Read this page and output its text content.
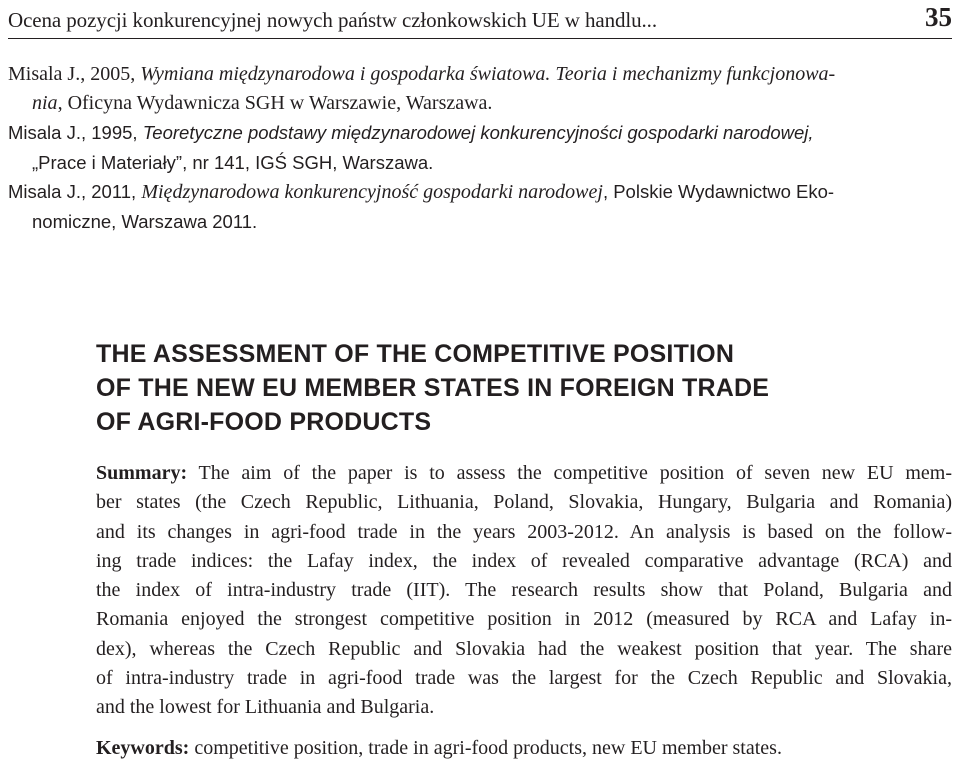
Ocena pozycji konkurencyjnej nowych państw członkowskich UE w handlu...	35
Misala J., 2005, Wymiana międzynarodowa i gospodarka światowa. Teoria i mechanizmy funkcjonowa-
nia, Oficyna Wydawnicza SGH w Warszawie, Warszawa.
Misala J., 1995, Teoretyczne podstawy międzynarodowej konkurencyjności gospodarki narodowej,
„Prace i Materiały”, nr 141, IGŚ SGH, Warszawa.
Misala J., 2011, Międzynarodowa konkurencyjność gospodarki narodowej, Polskie Wydawnictwo Eko-
nomiczne, Warszawa 2011.
THE ASSESSMENT OF THE COMPETITIVE POSITION
OF THE NEW EU MEMBER STATES IN FOREIGN TRADE
OF AGRI-FOOD PRODUCTS
Summary: The aim of the paper is to assess the competitive position of seven new EU mem-
ber states (the Czech Republic, Lithuania, Poland, Slovakia, Hungary, Bulgaria and Romania)
and its changes in agri-food trade in the years 2003-2012. An analysis is based on the follow-
ing trade indices: the Lafay index, the index of revealed comparative advantage (RCA) and
the index of intra-industry trade (IIT). The research results show that Poland, Bulgaria and
Romania enjoyed the strongest competitive position in 2012 (measured by RCA and Lafay in-
dex), whereas the Czech Republic and Slovakia had the weakest position that year. The share
of intra-industry trade in agri-food trade was the largest for the Czech Republic and Slovakia,
and the lowest for Lithuania and Bulgaria.
Keywords: competitive position, trade in agri-food products, new EU member states.
